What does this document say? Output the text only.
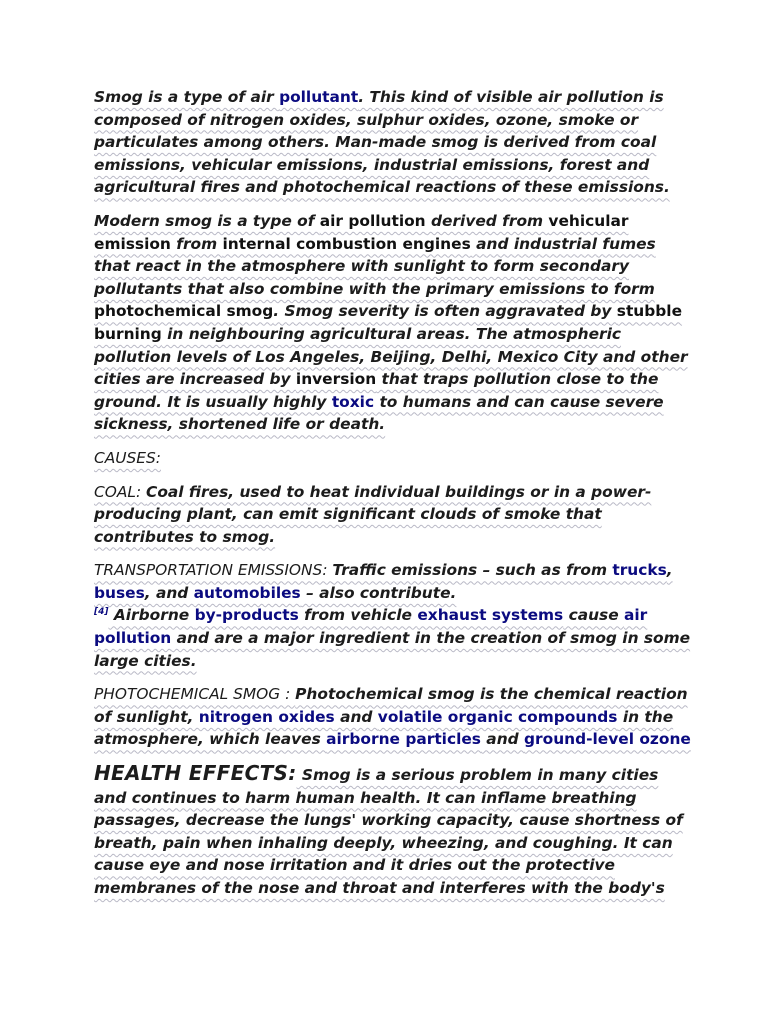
Smog is a type of air pollutant. This kind of visible air pollution is composed of nitrogen oxides, sulphur oxides, ozone, smoke or particulates among others. Man-made smog is derived from coal emissions, vehicular emissions, industrial emissions, forest and agricultural fires and photochemical reactions of these emissions.

Modern smog is a type of air pollution derived from vehicular emission from internal combustion engines and industrial fumes that react in the atmosphere with sunlight to form secondary pollutants that also combine with the primary emissions to form photochemical smog. Smog severity is often aggravated by stubble burning in neighbouring agricultural areas. The atmospheric pollution levels of Los Angeles, Beijing, Delhi, Mexico City and other cities are increased by inversion that traps pollution close to the ground. It is usually highly toxic to humans and can cause severe sickness, shortened life or death.

CAUSES:

COAL: Coal fires, used to heat individual buildings or in a power-producing plant, can emit significant clouds of smoke that contributes to smog.

TRANSPORTATION EMISSIONS: Traffic emissions – such as from trucks, buses, and automobiles – also contribute.
[4] Airborne by-products from vehicle exhaust systems cause air pollution and are a major ingredient in the creation of smog in some large cities.

PHOTOCHEMICAL SMOG : Photochemical smog is the chemical reaction of sunlight, nitrogen oxides and volatile organic compounds in the atmosphere, which leaves airborne particles and ground-level ozone

HEALTH EFFECTS: Smog is a serious problem in many cities and continues to harm human health. It can inflame breathing passages, decrease the lungs' working capacity, cause shortness of breath, pain when inhaling deeply, wheezing, and coughing. It can cause eye and nose irritation and it dries out the protective membranes of the nose and throat and interferes with the body's
